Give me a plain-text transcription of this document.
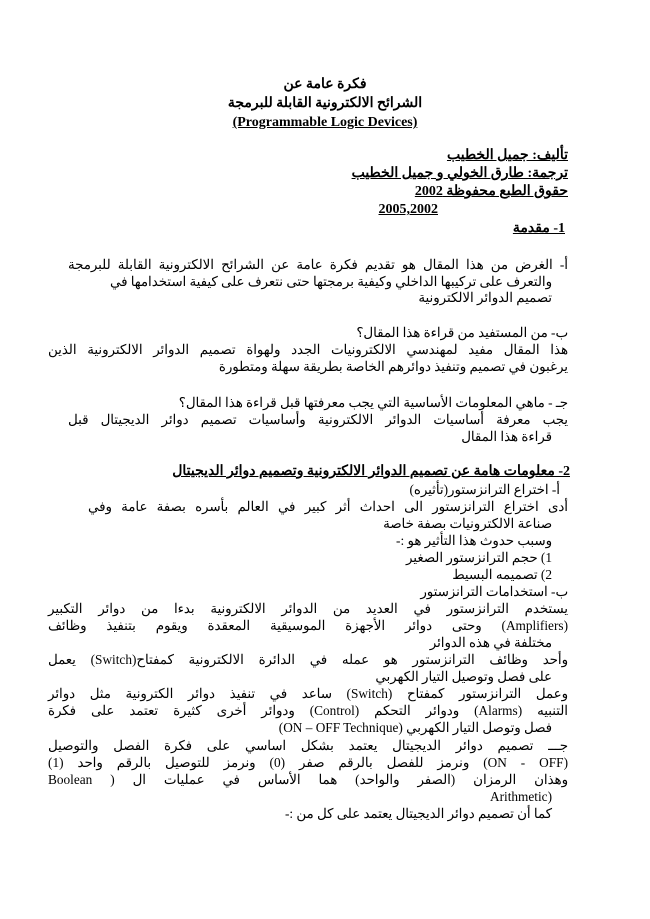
فكرة عامة عن
الشرائح الالكترونية القابلة للبرمجة
(Programmable Logic Devices)
تأليف: جميل الخطيب
ترجمة: طارق الخولي و جميل الخطيب
حقوق الطبع محفوظة 2002
2005,2002
1- مقدمة
أ- الغرض من هذا المقال هو تقديم فكرة عامة عن الشرائح الالكترونية القابلة للبرمجة
والتعرف على تركيبها الداخلي وكيفية برمجتها حتى نتعرف على كيفية استخدامها في
تصميم الدوائر الالكترونية
ب- من المستفيد من قراءة هذا المقال؟
هذا المقال مفيد لمهندسي الالكترونيات الجدد ولهواة تصميم الدوائر الالكترونية الذين
يرغبون في تصميم وتنفيذ دوائرهم الخاصة بطريقة سهلة ومتطورة
جـ - ماهي المعلومات الأساسية التي يجب معرفتها قبل قراءة هذا المقال؟
يجب معرفة أساسيات الدوائر الالكترونية وأساسيات تصميم دوائر الديجيتال قبل
قراءة هذا المقال
2- معلومات هامة عن تصميم الدوائر الالكترونية وتصميم دوائر الديجيتال
أ- اختراع الترانزستور(تأثيره)
أدى اختراع الترانزستور الى احداث أثر كبير في العالم بأسره بصفة عامة وفي
صناعة الالكترونيات بصفة خاصة
وسبب حدوث هذا التأثير هو :-
1) حجم الترانزستور الصغير
2) تصميمه البسيط
ب- استخدامات الترانزستور
يستخدم الترانزستور في العديد من الدوائر الالكترونية بدءا من دوائر التكبير
(Amplifiers) وحتى دوائر الأجهزة الموسيقية المعقدة ويقوم بتنفيذ وظائف
مختلفة في هذه الدوائر
وأحد وظائف الترانزستور هو عمله في الدائرة الالكترونية كمفتاح(Switch) يعمل
على فصل وتوصيل التيار الكهربي
وعمل الترانزستور كمفتاح (Switch) ساعد في تنفيذ دوائر الكترونية مثل دوائر
التنبيه (Alarms) ودوائر التحكم (Control) ودوائر أخرى كثيرة تعتمد على فكرة
فصل وتوصل التيار الكهربي (ON – OFF Technique)
جـــ تصميم دوائر الديجيتال يعتمد بشكل اساسي على فكرة الفصل والتوصيل
(ON - OFF) ونرمز للفصل بالرقم صفر (0) ونرمز للتوصيل بالرقم واحد (1)
وهذان الرمزان (الصفر والواحد) هما الأساس في عمليات ال ( Boolean
Arithmetic)
كما أن تصميم دوائر الديجيتال يعتمد على كل من :-
